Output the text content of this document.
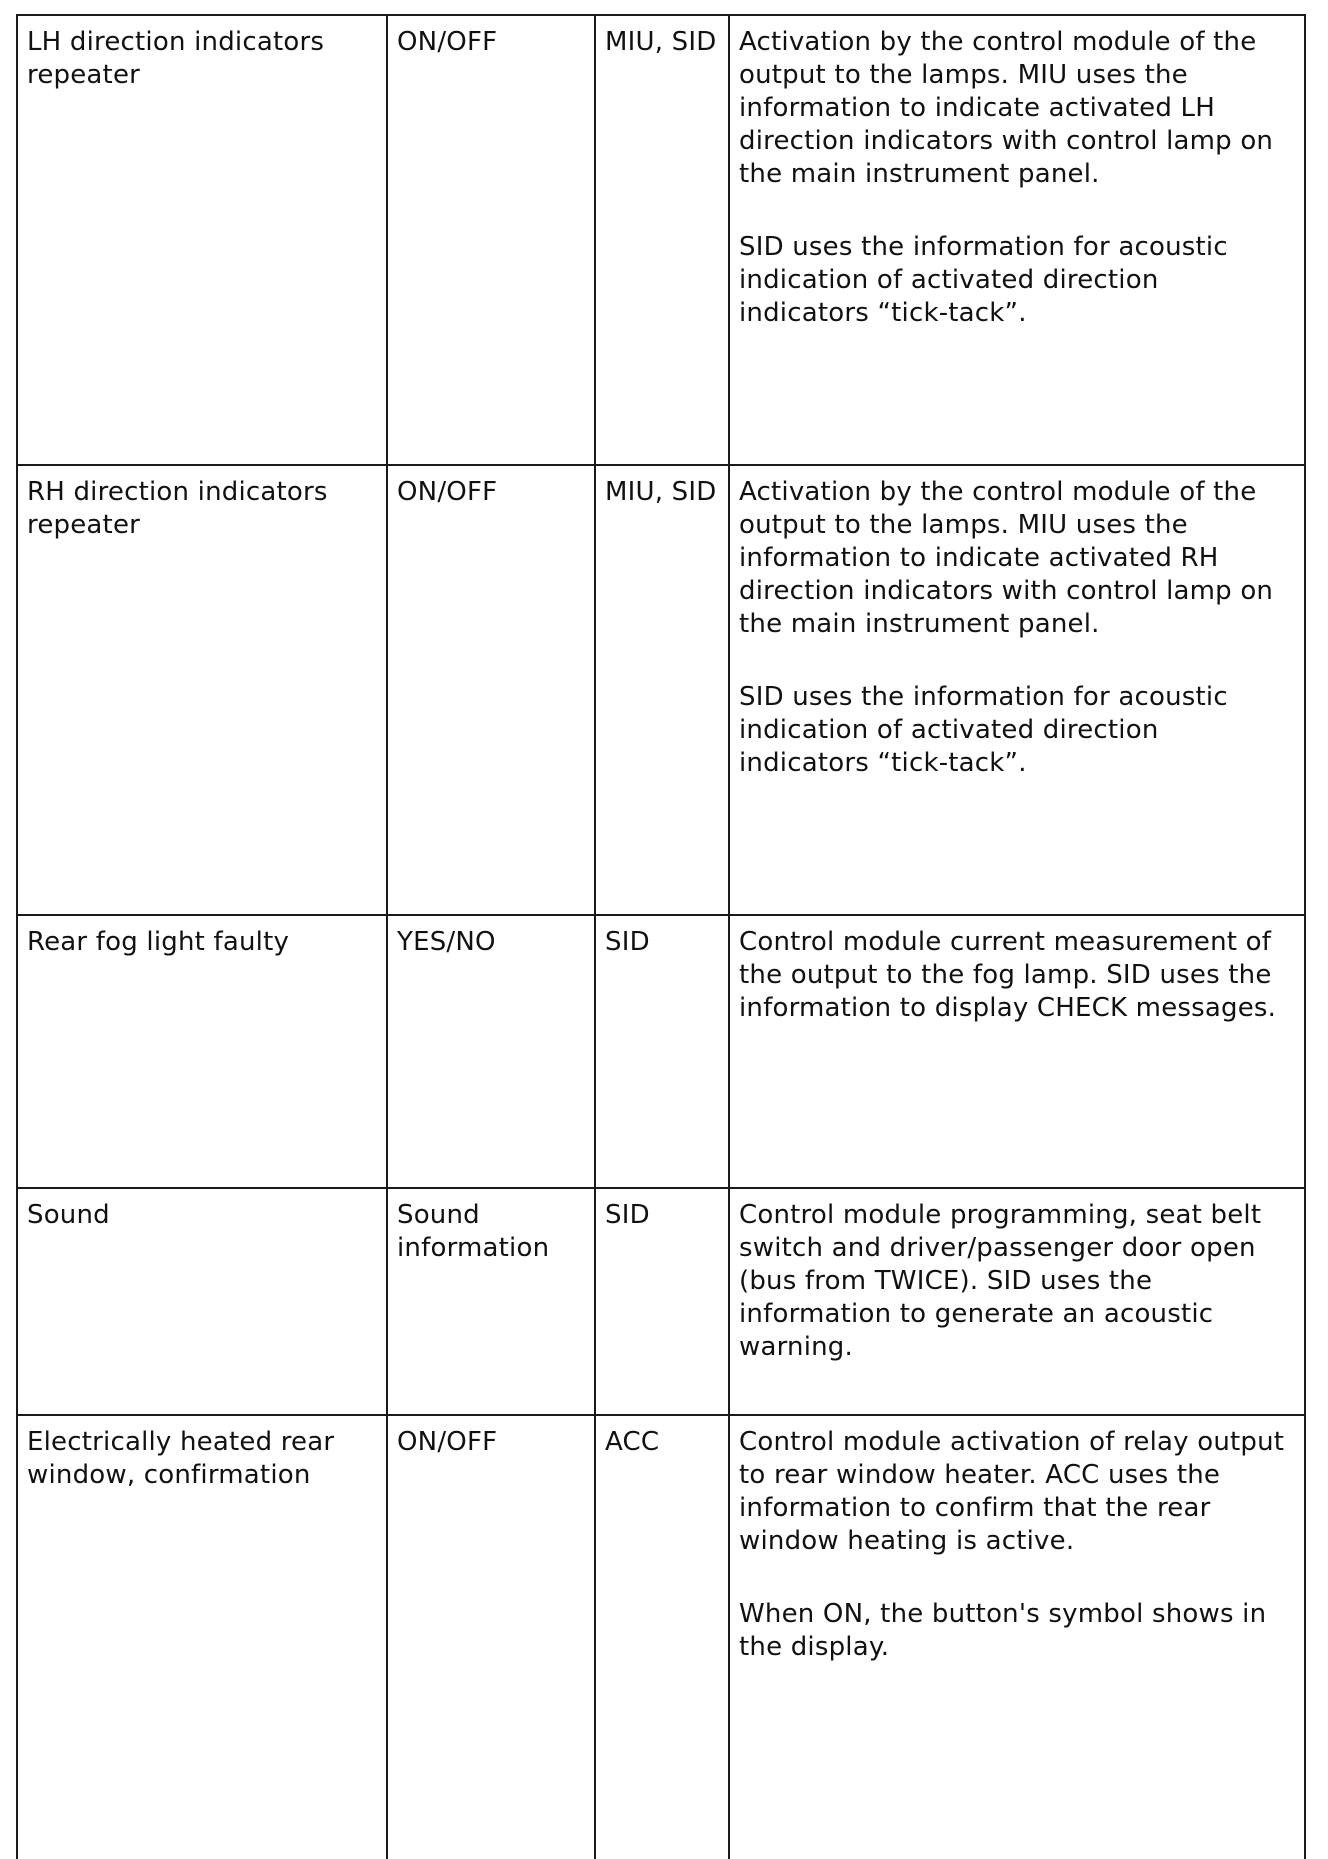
LH direction indicators repeater	ON/OFF	MIU, SID	Activation by the control module of the output to the lamps. MIU uses the information to indicate activated LH direction indicators with control lamp on the main instrument panel.
SID uses the information for acoustic indication of activated direction indicators “tick-tack”.

RH direction indicators repeater	ON/OFF	MIU, SID	Activation by the control module of the output to the lamps. MIU uses the information to indicate activated RH direction indicators with control lamp on the main instrument panel.
SID uses the information for acoustic indication of activated direction indicators “tick-tack”.

Rear fog light faulty	YES/NO	SID	Control module current measurement of the output to the fog lamp. SID uses the information to display CHECK messages.

Sound	Sound information	SID	Control module programming, seat belt switch and driver/passenger door open (bus from TWICE). SID uses the information to generate an acoustic warning.

Electrically heated rear window, confirmation	ON/OFF	ACC	Control module activation of relay output to rear window heater. ACC uses the information to confirm that the rear window heating is active.
When ON, the button's symbol shows in the display.
